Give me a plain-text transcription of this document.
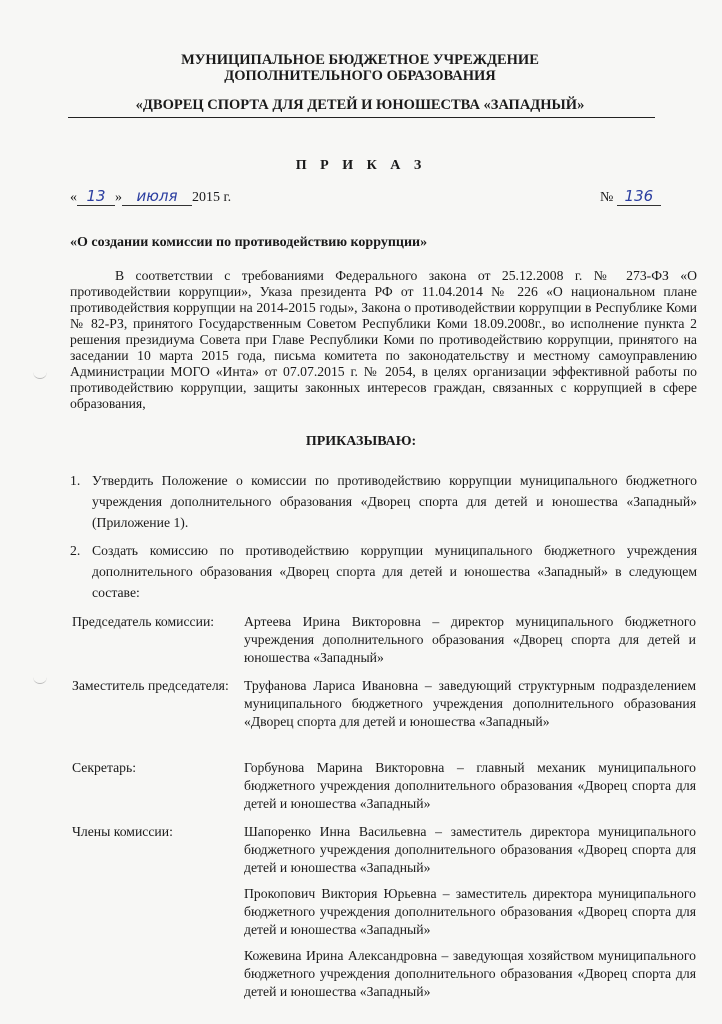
МУНИЦИПАЛЬНОЕ БЮДЖЕТНОЕ УЧРЕЖДЕНИЕ
ДОПОЛНИТЕЛЬНОГО ОБРАЗОВАНИЯ
«ДВОРЕЦ СПОРТА ДЛЯ ДЕТЕЙ И ЮНОШЕСТВА «ЗАПАДНЫЙ»
П Р И К А З
« 13 » июля 2015 г.	№ 136
«О создании комиссии по противодействию коррупции»
В соответствии с требованиями Федерального закона от 25.12.2008 г. № 273-ФЗ «О противодействии коррупции», Указа президента РФ от 11.04.2014 № 226 «О национальном плане противодействия коррупции на 2014-2015 годы», Закона о противодействии коррупции в Республике Коми № 82-РЗ, принятого Государственным Советом Республики Коми 18.09.2008г., во исполнение пункта 2 решения президиума Совета при Главе Республики Коми по противодействию коррупции, принятого на заседании 10 марта 2015 года, письма комитета по законодательству и местному самоуправлению Администрации МОГО «Инта» от 07.07.2015 г. № 2054, в целях организации эффективной работы по противодействию коррупции, защиты законных интересов граждан, связанных с коррупцией в сфере образования,
ПРИКАЗЫВАЮ:
1. Утвердить Положение о комиссии по противодействию коррупции муниципального бюджетного учреждения дополнительного образования «Дворец спорта для детей и юношества «Западный» (Приложение 1).
2. Создать комиссию по противодействию коррупции муниципального бюджетного учреждения дополнительного образования «Дворец спорта для детей и юношества «Западный» в следующем составе:
Председатель комиссии: Артеева Ирина Викторовна – директор муниципального бюджетного учреждения дополнительного образования «Дворец спорта для детей и юношества «Западный»
Заместитель председателя: Труфанова Лариса Ивановна – заведующий структурным подразделением муниципального бюджетного учреждения дополнительного образования «Дворец спорта для детей и юношества «Западный»
Секретарь:	Горбунова Марина Викторовна – главный механик муниципального бюджетного учреждения дополнительного образования «Дворец спорта для детей и юношества «Западный»
Члены комиссии:	Шапоренко Инна Васильевна – заместитель директора муниципального бюджетного учреждения дополнительного образования «Дворец спорта для детей и юношества «Западный»
Прокопович Виктория Юрьевна – заместитель директора муниципального бюджетного учреждения дополнительного образования «Дворец спорта для детей и юношества «Западный»
Кожевина Ирина Александровна – заведующая хозяйством муниципального бюджетного учреждения дополнительного образования «Дворец спорта для детей и юношества «Западный»
